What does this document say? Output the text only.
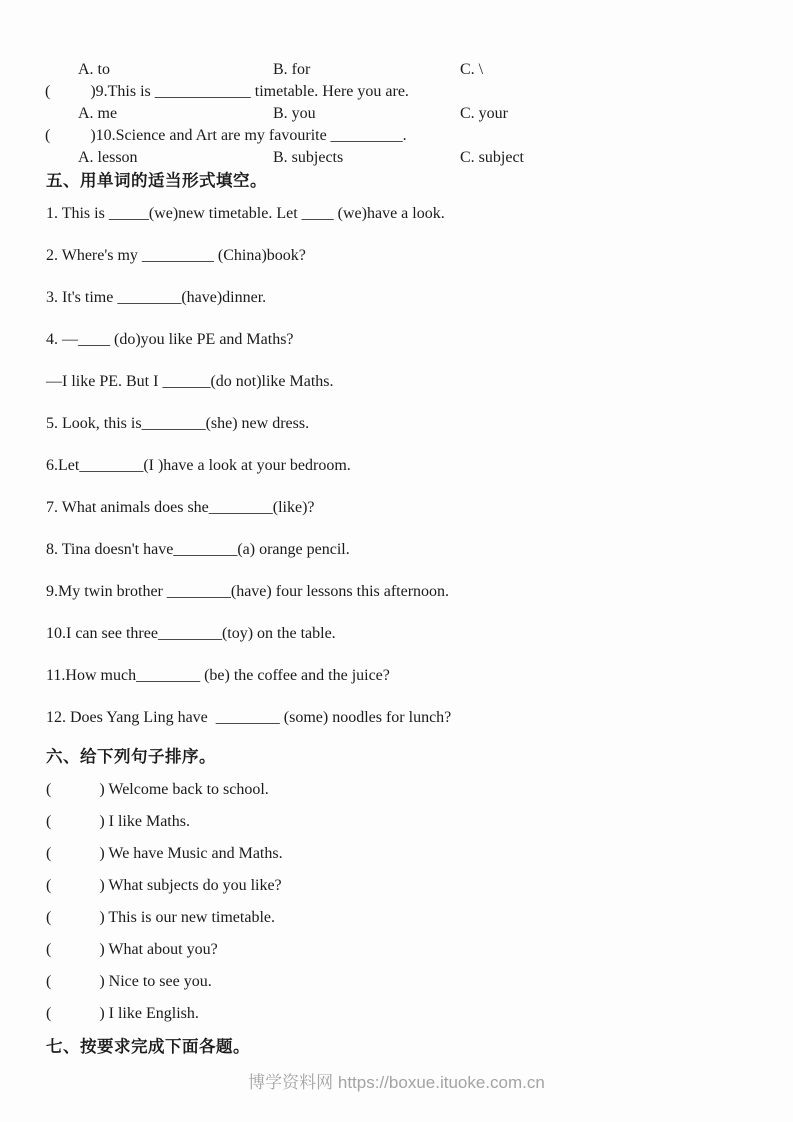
A. to	B. for	C. \
(          )9.This is ____________ timetable. Here you are.
A. me	B. you	C. your
(          )10.Science and Art are my favourite _________.
A. lesson	B. subjects	C. subject
五、用单词的适当形式填空。
1. This is _____(we)new timetable. Let ____ (we)have a look.
2. Where's my _________ (China)book?
3. It's time ________(have)dinner.
4. —____ (do)you like PE and Maths?
—I like PE. But I ______(do not)like Maths.
5. Look, this is________(she) new dress.
6.Let________(I )have a look at your bedroom.
7. What animals does she________(like)?
8. Tina doesn't have________(a) orange pencil.
9.My twin brother ________(have) four lessons this afternoon.
10.I can see three________(toy) on the table.
11.How much________ (be) the coffee and the juice?
12. Does Yang Ling have  ________ (some) noodles for lunch?
六、给下列句子排序。
(            ) Welcome back to school.
(            ) I like Maths.
(            ) We have Music and Maths.
(            ) What subjects do you like?
(            ) This is our new timetable.
(            ) What about you?
(            ) Nice to see you.
(            ) I like English.
七、按要求完成下面各题。
博学资料网 https://boxue.ituoke.com.cn
